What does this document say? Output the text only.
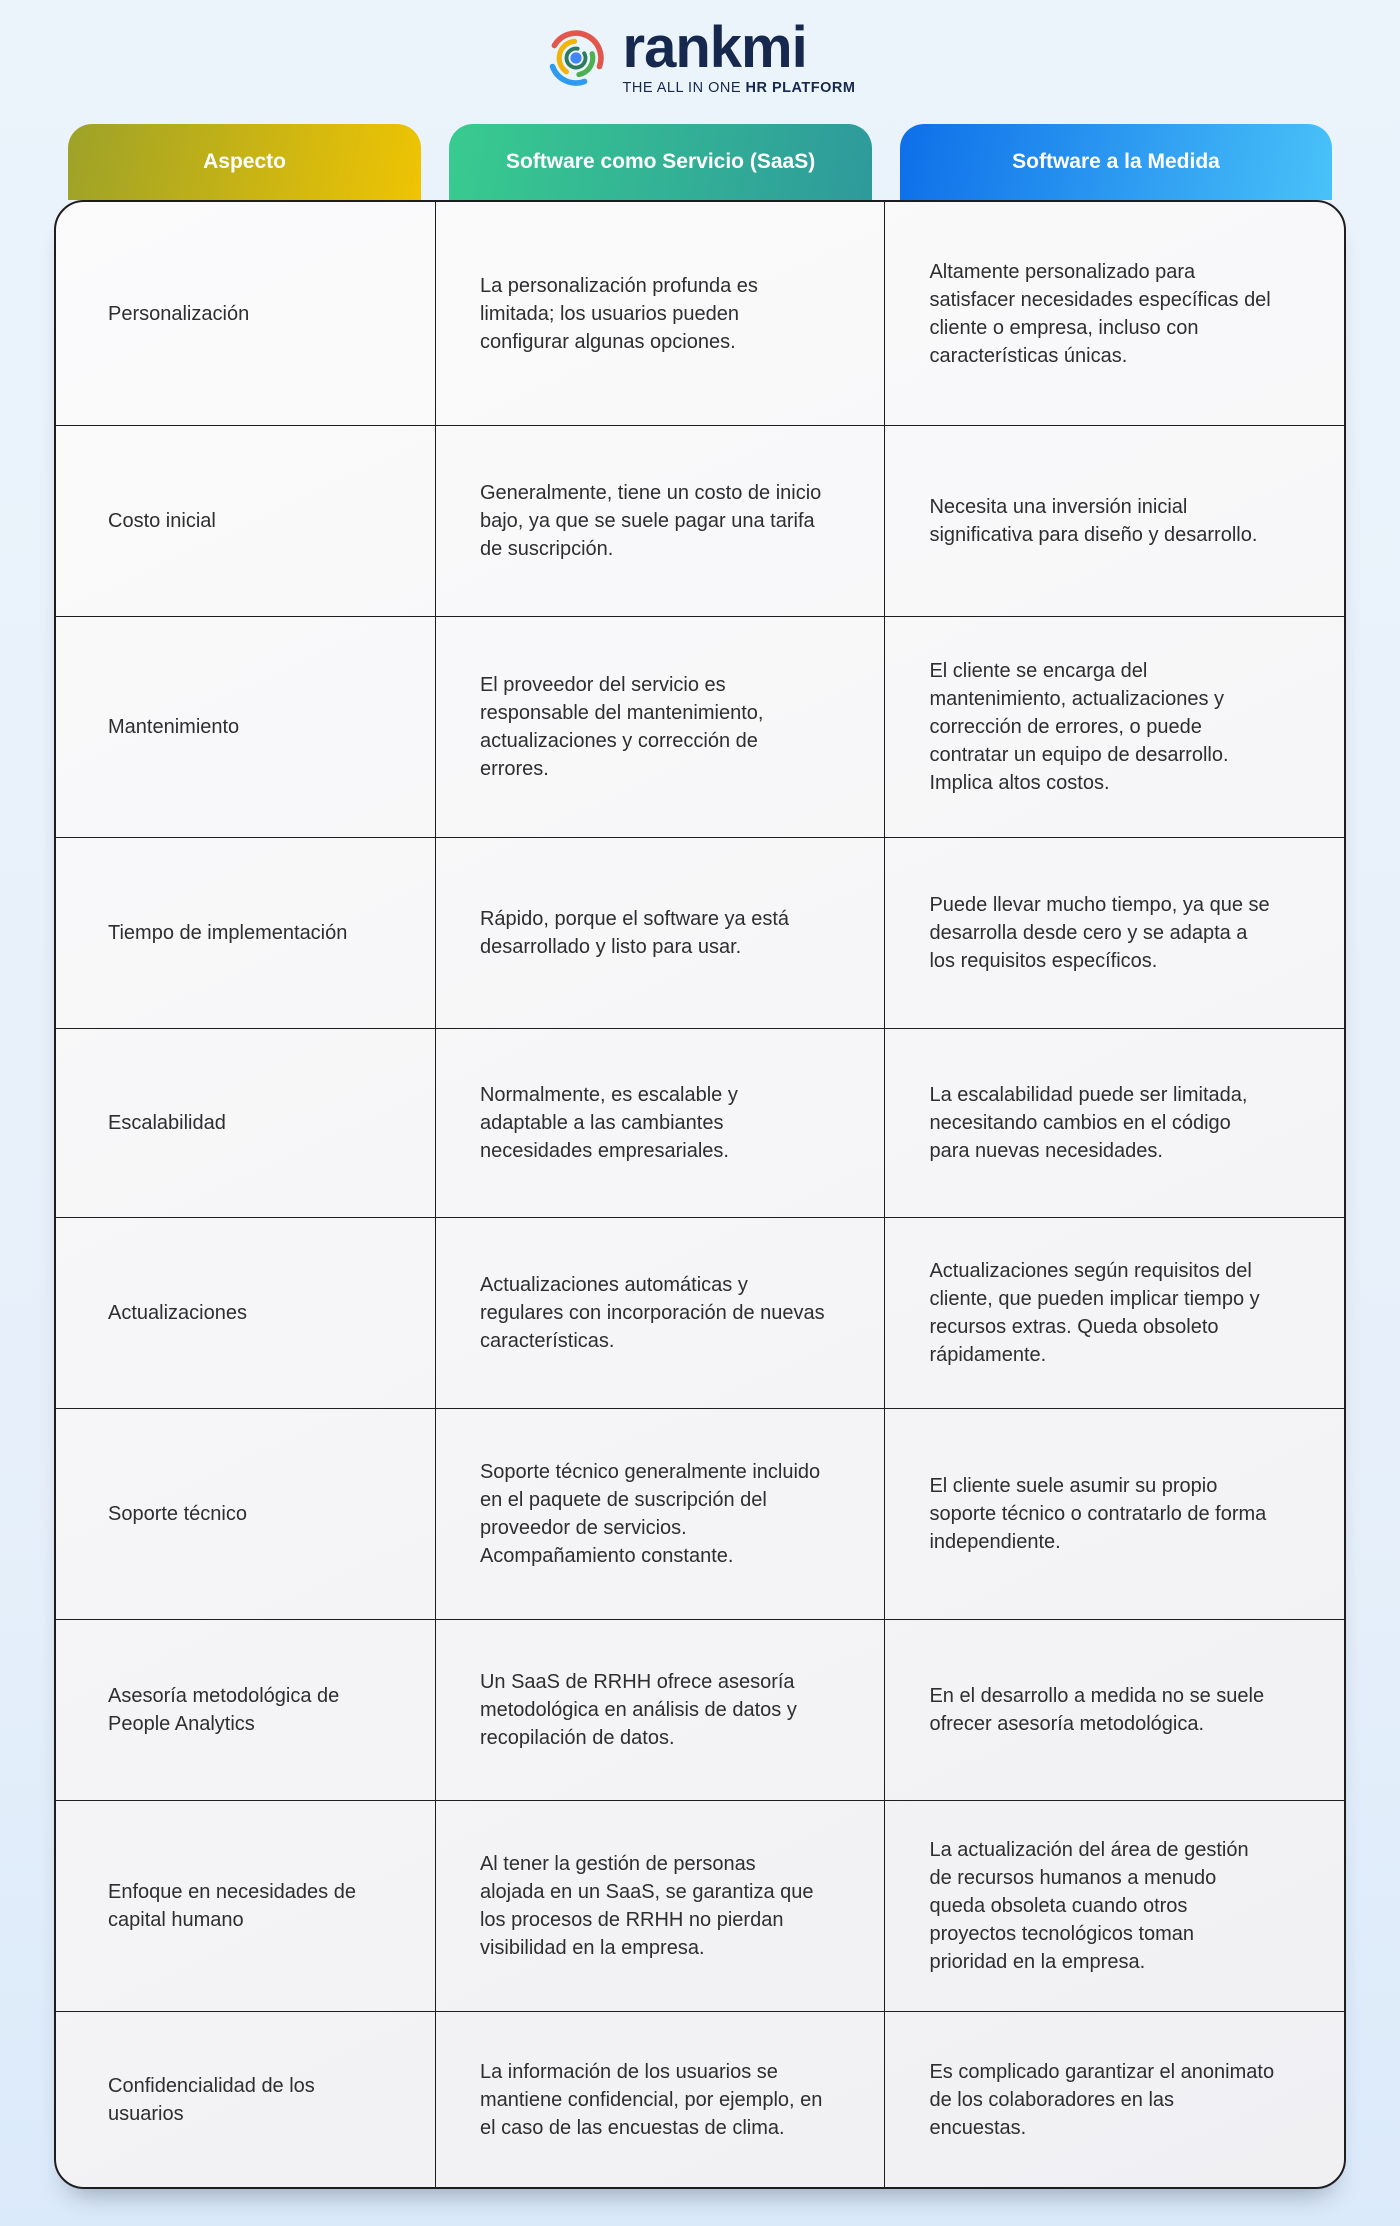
rankmi
THE ALL IN ONE HR PLATFORM
Aspecto	Software como Servicio (SaaS)	Software a la Medida

Personalización

La personalización profunda es limitada; los usuarios pueden configurar algunas opciones.

Altamente personalizado para satisfacer necesidades específicas del cliente o empresa, incluso con características únicas.

Costo inicial

Generalmente, tiene un costo de inicio bajo, ya que se suele pagar una tarifa de suscripción.

Necesita una inversión inicial significativa para diseño y desarrollo.

Mantenimiento

El proveedor del servicio es responsable del mantenimiento, actualizaciones y corrección de errores.

El cliente se encarga del mantenimiento, actualizaciones y corrección de errores, o puede contratar un equipo de desarrollo. Implica altos costos.

Tiempo de implementación

Rápido, porque el software ya está desarrollado y listo para usar.

Puede llevar mucho tiempo, ya que se desarrolla desde cero y se adapta a los requisitos específicos.

Escalabilidad

Normalmente, es escalable y adaptable a las cambiantes necesidades empresariales.

La escalabilidad puede ser limitada, necesitando cambios en el código para nuevas necesidades.

Actualizaciones

Actualizaciones automáticas y regulares con incorporación de nuevas características.

Actualizaciones según requisitos del cliente, que pueden implicar tiempo y recursos extras. Queda obsoleto rápidamente.

Soporte técnico

Soporte técnico generalmente incluido en el paquete de suscripción del proveedor de servicios. Acompañamiento constante.

El cliente suele asumir su propio soporte técnico o contratarlo de forma independiente.

Asesoría metodológica de People Analytics

Un SaaS de RRHH ofrece asesoría metodológica en análisis de datos y recopilación de datos.

En el desarrollo a medida no se suele ofrecer asesoría metodológica.

Enfoque en necesidades de capital humano

Al tener la gestión de personas alojada en un SaaS, se garantiza que los procesos de RRHH no pierdan visibilidad en la empresa.

La actualización del área de gestión de recursos humanos a menudo queda obsoleta cuando otros proyectos tecnológicos toman prioridad en la empresa.

Confidencialidad de los usuarios

La información de los usuarios se mantiene confidencial, por ejemplo, en el caso de las encuestas de clima.

Es complicado garantizar el anonimato de los colaboradores en las encuestas.
